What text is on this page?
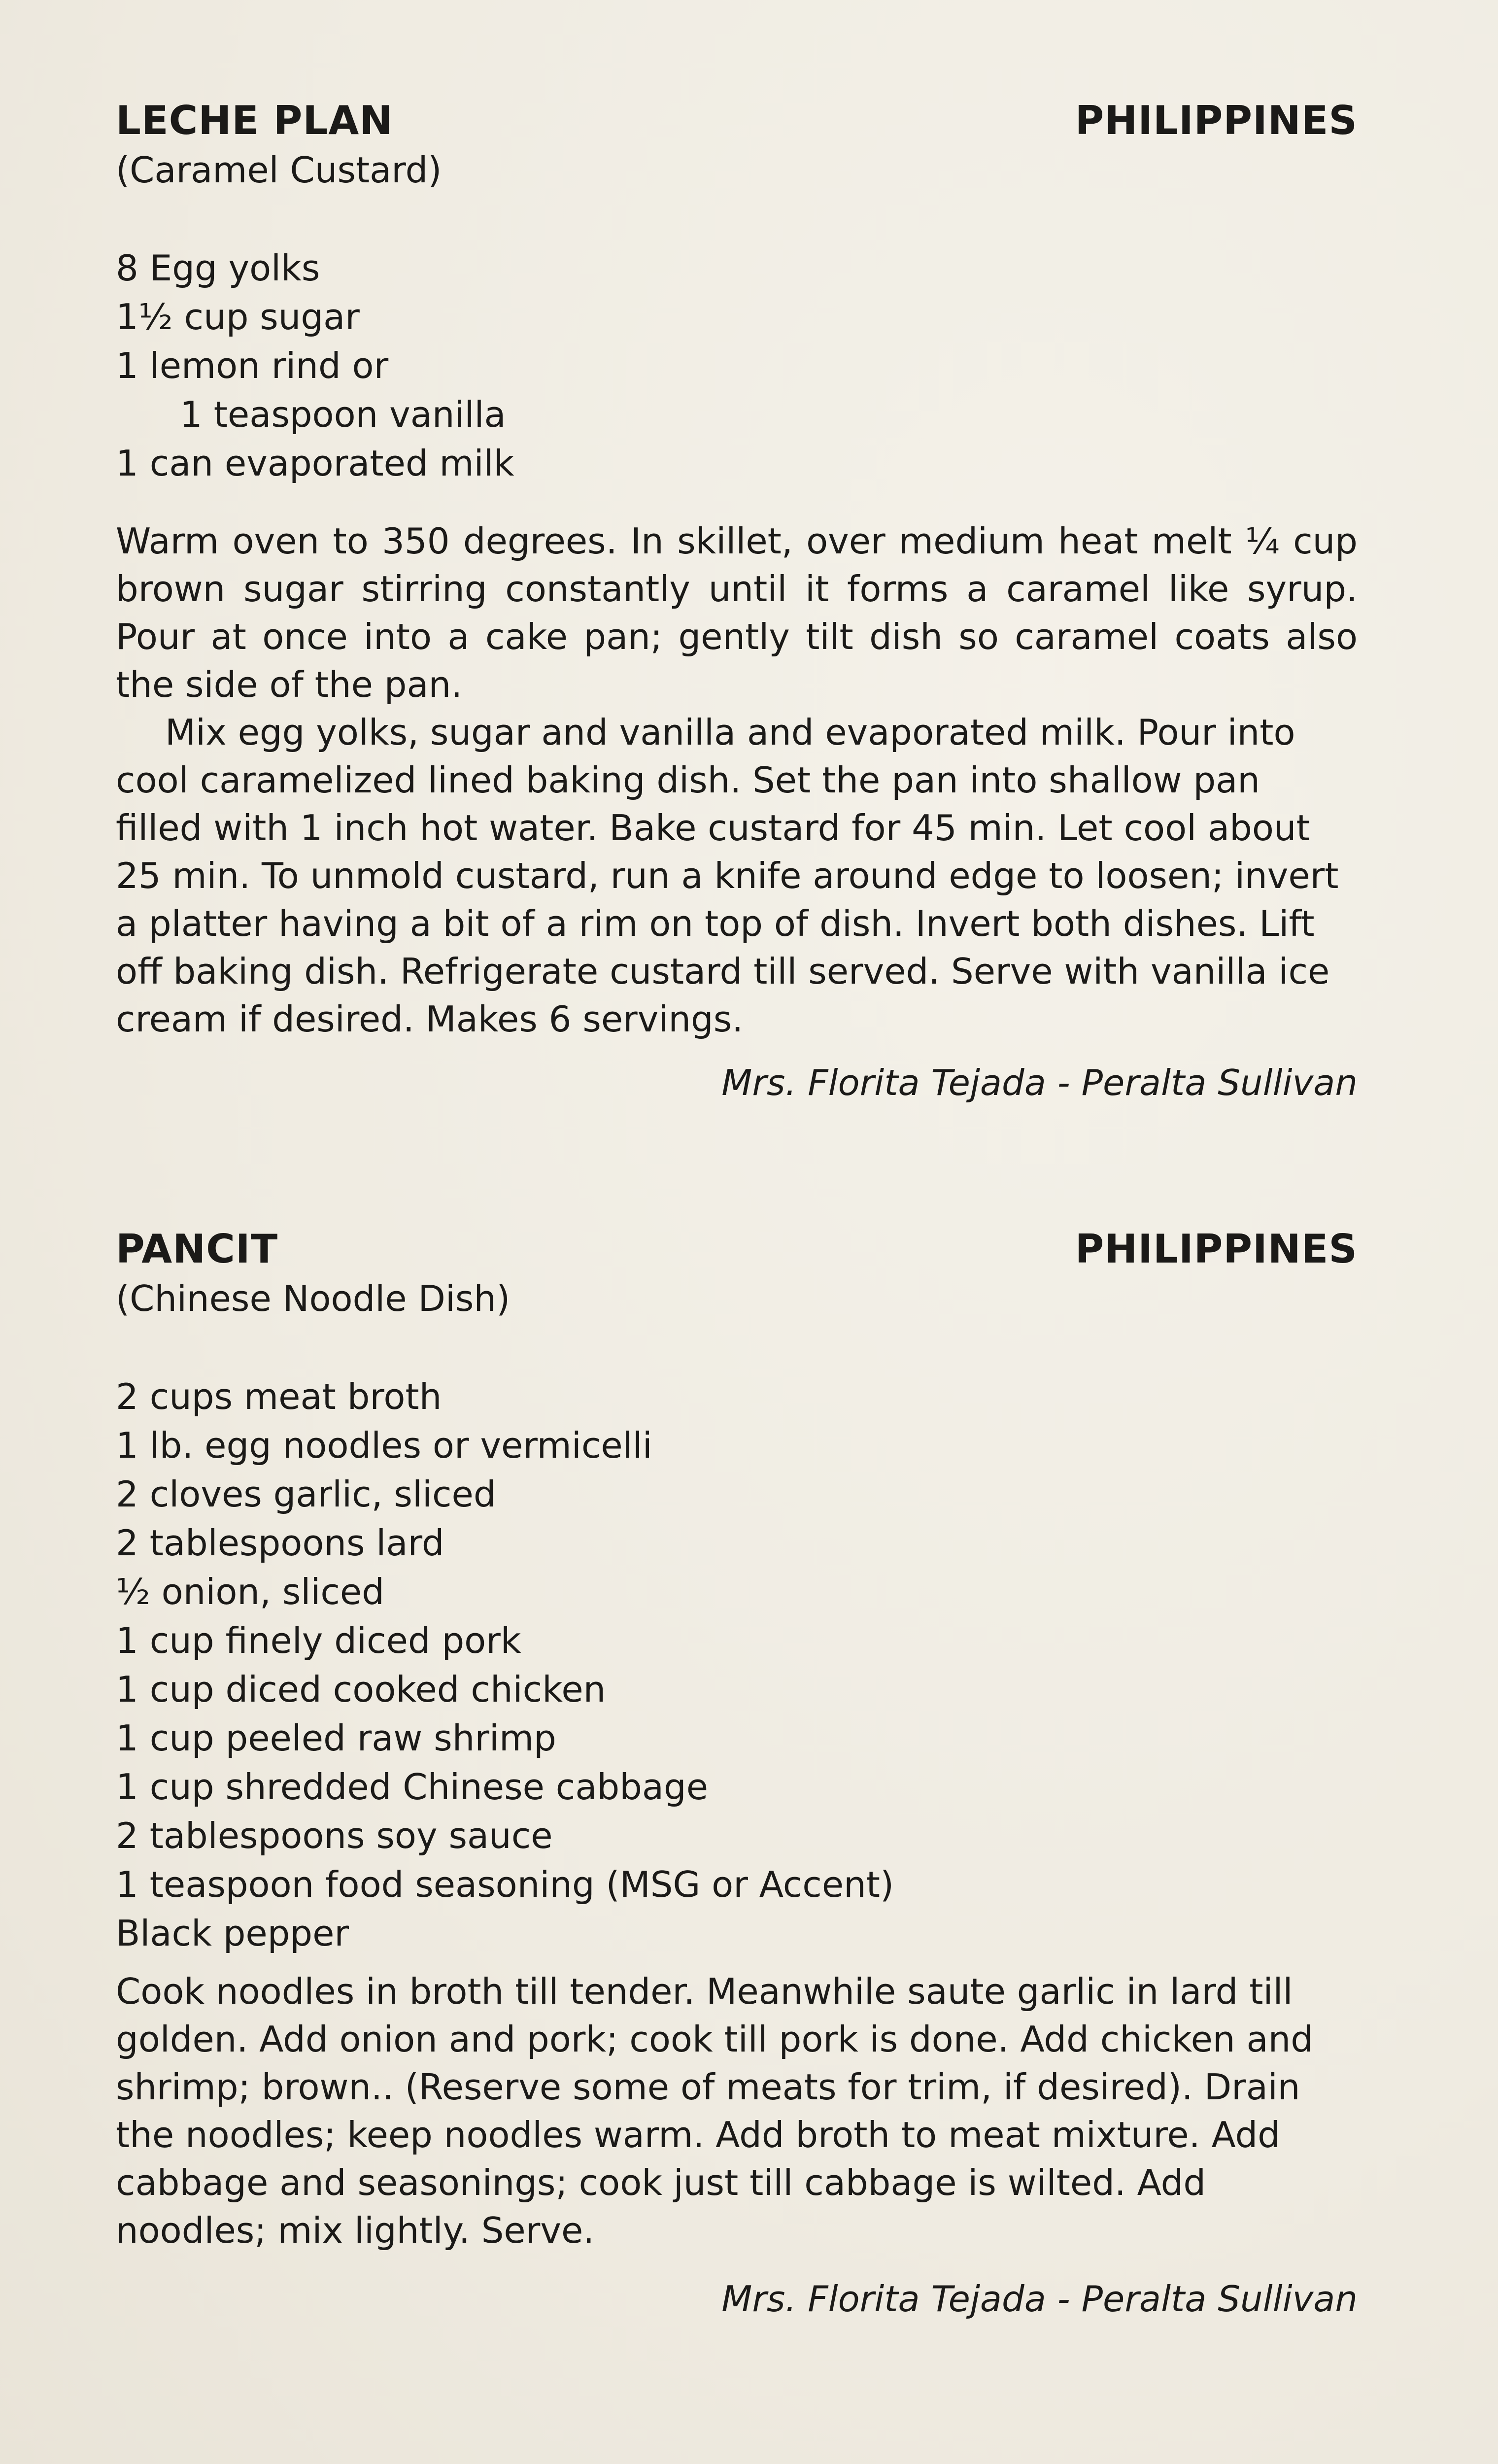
LECHE PLAN	PHILIPPINES
(Caramel Custard)
8 Egg yolks
1½ cup sugar
1 lemon rind or
1 teaspoon vanilla
1 can evaporated milk

Warm oven to 350 degrees. In skillet, over medium heat melt ¼ cup brown sugar stirring constantly until it forms a caramel like syrup. Pour at once into a cake pan; gently tilt dish so caramel coats also the side of the pan.

Mix egg yolks, sugar and vanilla and evaporated milk. Pour into cool caramelized lined baking dish. Set the pan into shallow pan filled with 1 inch hot water. Bake custard for 45 min. Let cool about 25 min. To unmold custard, run a knife around edge to loosen; invert a platter having a bit of a rim on top of dish. Invert both dishes. Lift off baking dish. Refrigerate custard till served. Serve with vanilla ice cream if desired. Makes 6 servings.

Mrs. Florita Tejada - Peralta Sullivan
PANCIT	PHILIPPINES
(Chinese Noodle Dish)
2 cups meat broth
1 lb. egg noodles or vermicelli
2 cloves garlic, sliced
2 tablespoons lard
½ onion, sliced
1 cup finely diced pork
1 cup diced cooked chicken
1 cup peeled raw shrimp
1 cup shredded Chinese cabbage
2 tablespoons soy sauce
1 teaspoon food seasoning (MSG or Accent)
Black pepper

Cook noodles in broth till tender. Meanwhile saute garlic in lard till golden. Add onion and pork; cook till pork is done. Add chicken and shrimp; brown.. (Reserve some of meats for trim, if desired). Drain the noodles; keep noodles warm. Add broth to meat mixture. Add cabbage and seasonings; cook just till cabbage is wilted. Add noodles; mix lightly. Serve.

Mrs. Florita Tejada - Peralta Sullivan
